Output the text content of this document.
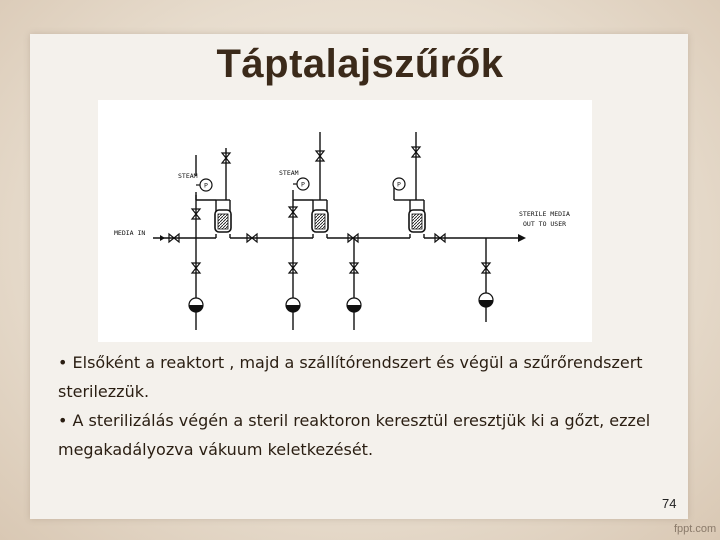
Táptalajszűrők
P
STEAM
P
STEAM
P
MEDIA IN
STERILE MEDIA
OUT TO USER

• Elsőként a reaktort , majd a szállítórendszert és végül a szűrőrendszert sterilezzük.

• A sterilizálás végén a steril reaktoron keresztül eresztjük ki a gőzt, ezzel megakadályozva vákuum keletkezését.

74
fppt.com
